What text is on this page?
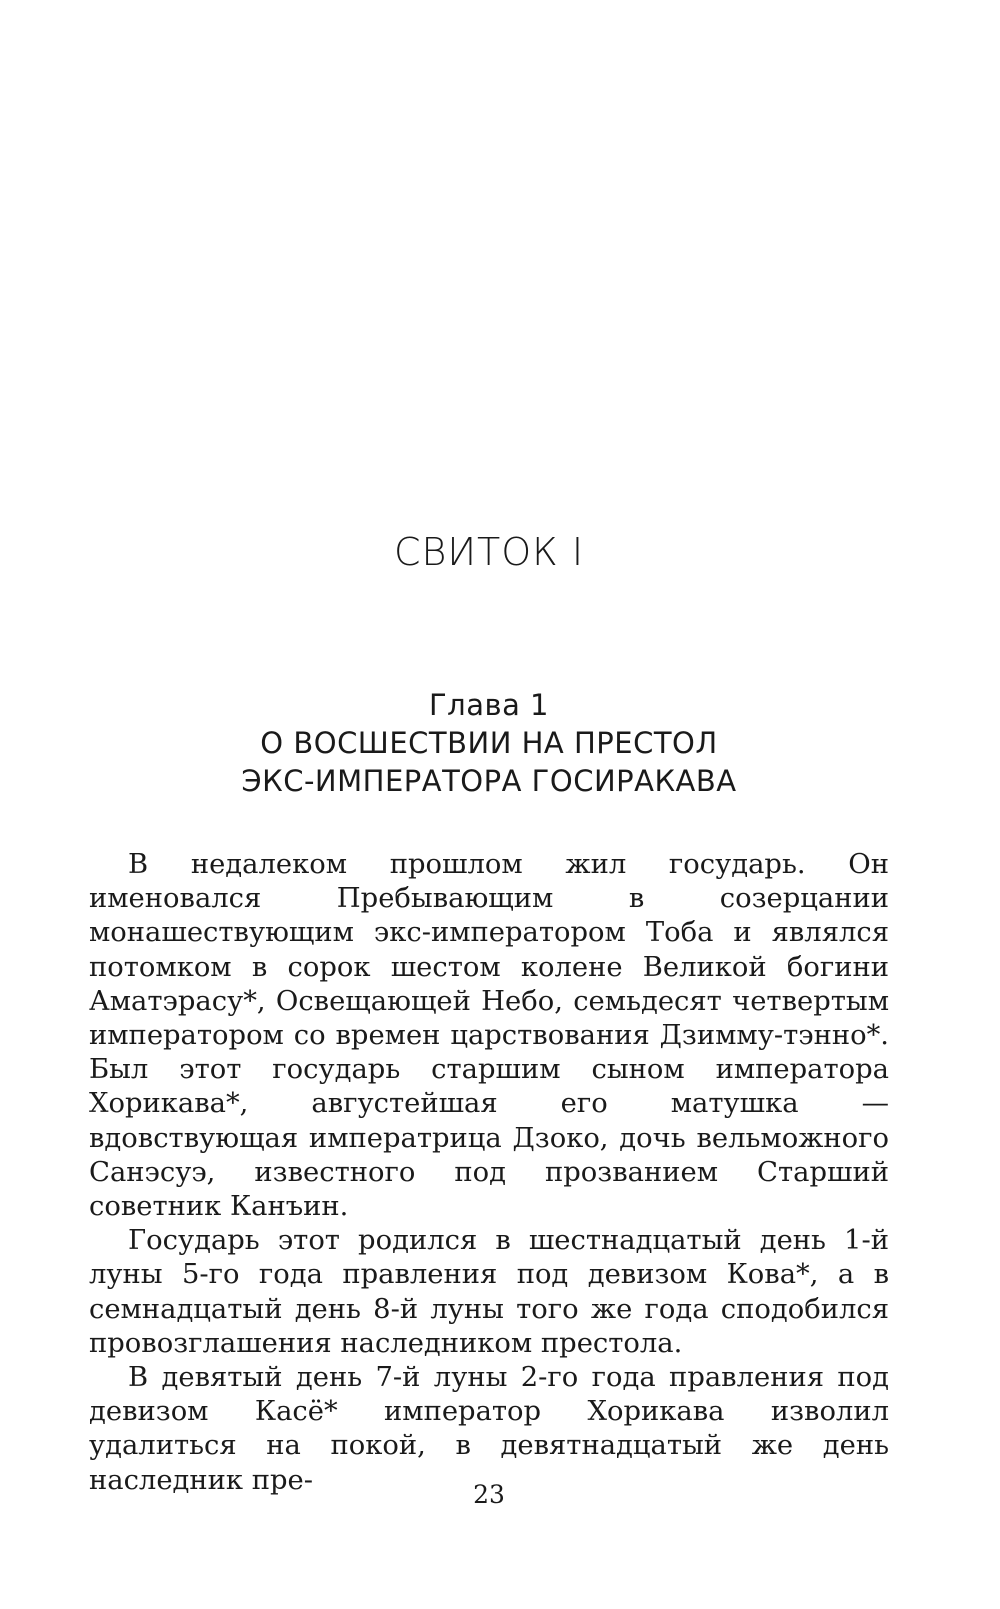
СВИТОК I
Глава 1
О ВОСШЕСТВИИ НА ПРЕСТОЛ
ЭКС-ИМПЕРАТОРА ГОСИРАКАВА

В недалеком прошлом жил государь. Он именовался Пребывающим в созерцании монашествующим экс-императором Тоба и являлся потомком в сорок шестом колене Великой богини Аматэрасу*, Освещающей Небо, семьдесят четвертым императором со времен царствования Дзимму-тэнно*. Был этот государь старшим сыном императора Хорикава*, августейшая его матушка — вдовствующая императрица Дзоко, дочь вельможного Санэсуэ, известного под прозванием Старший советник Канъин.

Государь этот родился в шестнадцатый день 1-й луны 5-го года правления под девизом Кова*, а в семнадцатый день 8-й луны того же года сподобился провозглашения наследником престола.

В девятый день 7-й луны 2-го года правления под девизом Касё* император Хорикава изволил удалиться на покой, в девятнадцатый же день наследник пре-	23
